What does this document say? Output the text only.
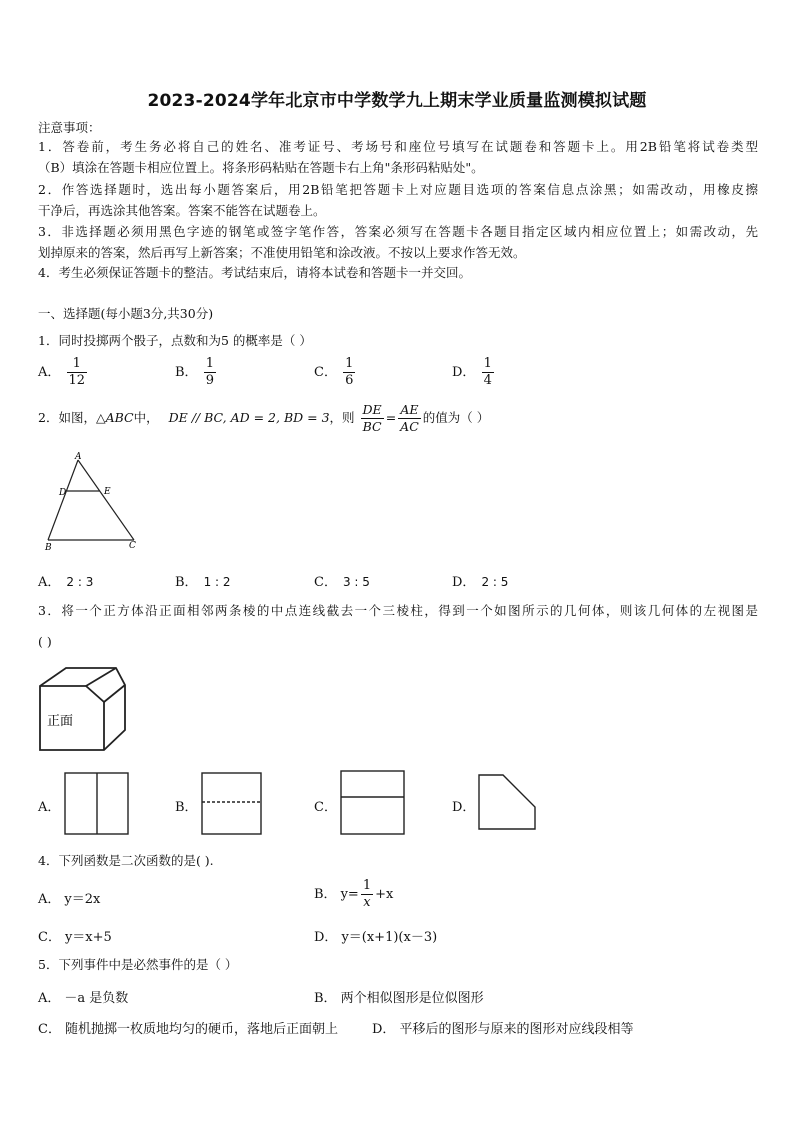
2023-2024学年北京市中学数学九上期末学业质量监测模拟试题
注意事项：
1．答卷前，考生务必将自己的姓名、准考证号、考场号和座位号填写在试题卷和答题卡上。用2B铅笔将试卷类型
（B）填涂在答题卡相应位置上。将条形码粘贴在答题卡右上角"条形码粘贴处"。
2．作答选择题时，选出每小题答案后，用2B铅笔把答题卡上对应题目选项的答案信息点涂黑；如需改动，用橡皮擦
干净后，再选涂其他答案。答案不能答在试题卷上。
3．非选择题必须用黑色字迹的钢笔或签字笔作答，答案必须写在答题卡各题目指定区域内相应位置上；如需改动，先
划掉原来的答案，然后再写上新答案；不准使用铅笔和涂改液。不按以上要求作答无效。
4．考生必须保证答题卡的整洁。考试结束后，请将本试卷和答题卡一并交回。
一、选择题(每小题3分,共30分)
1．同时投掷两个骰子，点数和为5 的概率是（ ）
A． $\frac{1}{12}$	B． $\frac{1}{9}$	C． $\frac{1}{6}$	D． $\frac{1}{4}$
2．如图，△ABC中， DE // BC, AD = 2, BD = 3，则 $\frac{DE}{BC} = \frac{AE}{AC}$ 的值为（ ）
A
D	E
B	C
A． 2 : 3	B． 1 : 2	C． 3 : 5	D． 2 : 5
3．将一个正方体沿正面相邻两条棱的中点连线截去一个三棱柱，得到一个如图所示的几何体，则该几何体的左视图是
( )
正面
A．	B．	C．	D．
4．下列函数是二次函数的是( ).
A． y＝2x	B． $y= \frac{1}{x} +x$
C． y＝x+5	D． y＝(x+1)(x－3)
5．下列事件中是必然事件的是（ ）
A． －a 是负数	B． 两个相似图形是位似图形
C． 随机抛掷一枚质地均匀的硬币，落地后正面朝上	D． 平移后的图形与原来的图形对应线段相等
